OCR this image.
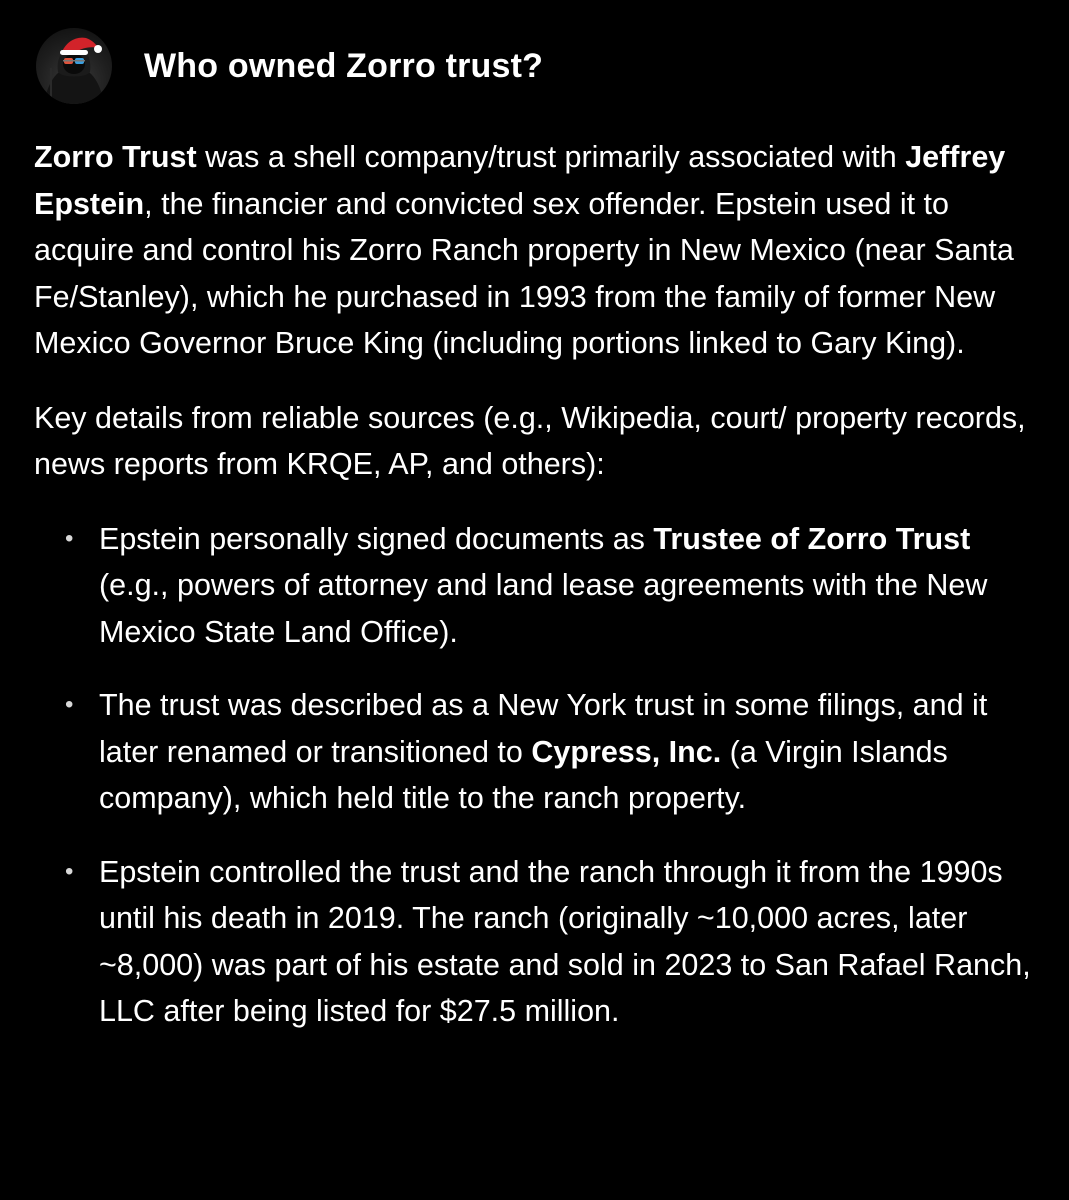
Who owned Zorro trust?

Zorro Trust was a shell company/trust primarily associated with Jeffrey Epstein, the financier and convicted sex offender. Epstein used it to acquire and control his Zorro Ranch property in New Mexico (near Santa Fe/Stanley), which he purchased in 1993 from the family of former New Mexico Governor Bruce King (including portions linked to Gary King).

Key details from reliable sources (e.g., Wikipedia, court/ property records, news reports from KRQE, AP, and others):

• Epstein personally signed documents as Trustee of Zorro Trust (e.g., powers of attorney and land lease agreements with the New Mexico State Land Office).
• The trust was described as a New York trust in some filings, and it later renamed or transitioned to Cypress, Inc. (a Virgin Islands company), which held title to the ranch property.
• Epstein controlled the trust and the ranch through it from the 1990s until his death in 2019. The ranch (originally ~10,000 acres, later ~8,000) was part of his estate and sold in 2023 to San Rafael Ranch, LLC after being listed for $27.5 million.
